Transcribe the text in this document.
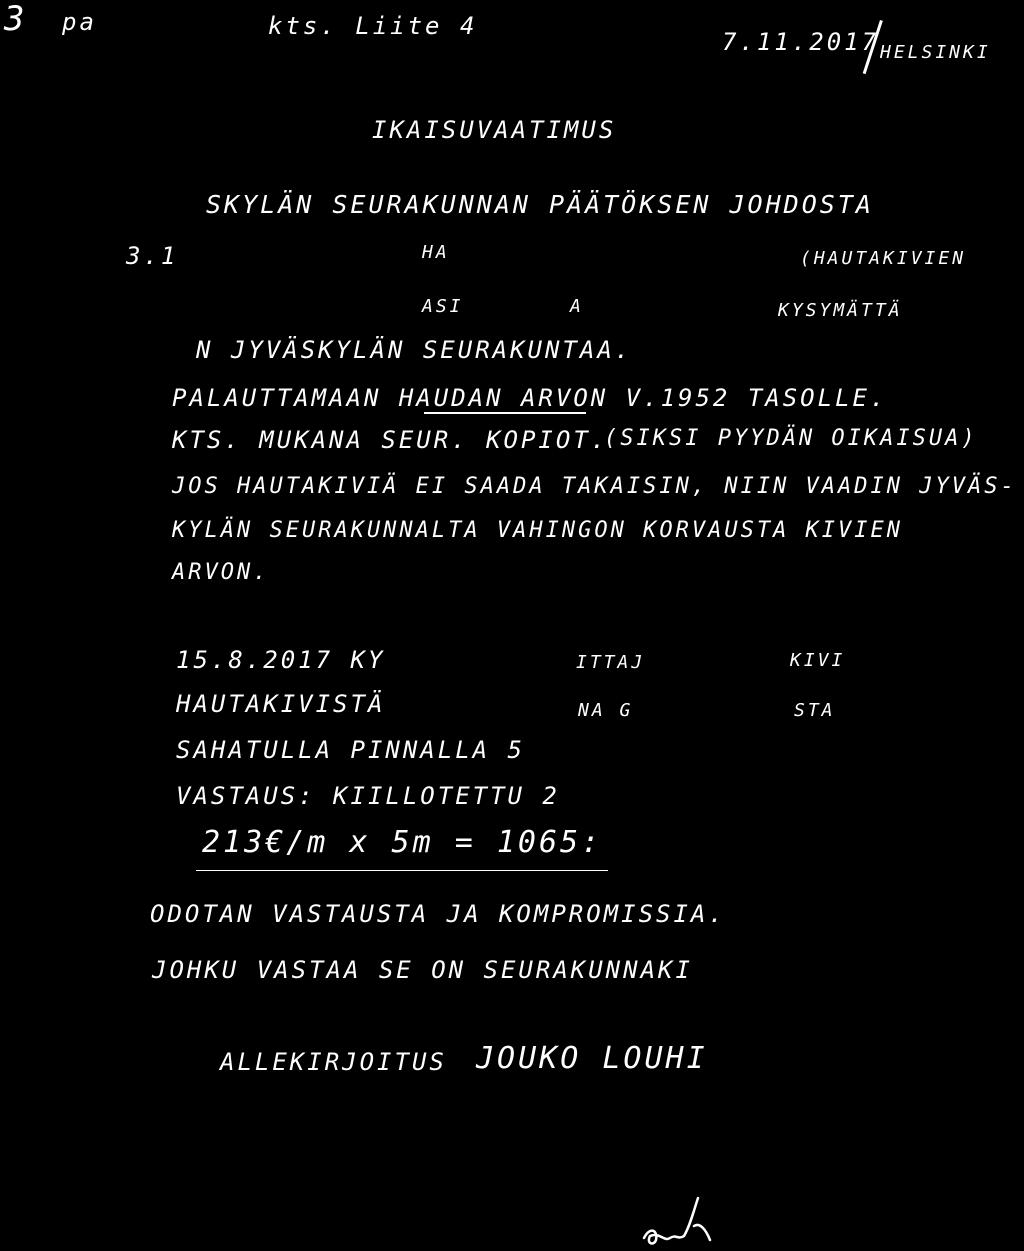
3 pa	kts. Liite 4
7.11.2017 HELSINKI
IKAISUVAATIMUS
3.1
SKYLÄN SEURAKUNNAN PÄÄTÖKSEN JOHDOSTA
HA	(HAUTAKIVIEN
ASI	A	KYSYMÄTTÄ
N JYVÄSKYLÄN SEURAKUNTAA.
PALAUTTAMAAN HAUDAN ARVON V.1952 TASOLLE.
KTS. MUKANA SEUR. KOPIOT.
(SIKSI PYYDÄN OIKAISUA)
JOS HAUTAKIVIÄ EI SAADA TAKAISIN, NIIN VAADIN JYVÄS-
KYLÄN SEURAKUNNALTA VAHINGON KORVAUSTA KIVIEN
ARVON.
15.8.2017 KY	ITTAJ	KIVI
HAUTAKIVISTÄ	NA G	STA
SAHATULLA PINNALLA 5
VASTAUS: KIILLOTETTU 2
213€/m x 5m = 1065:
ODOTAN VASTAUSTA JA KOMPROMISSIA.
JOHKU VASTAA SE ON SEURAKUNNAKI
ALLEKIRJOITUS JOUKO LOUHI
